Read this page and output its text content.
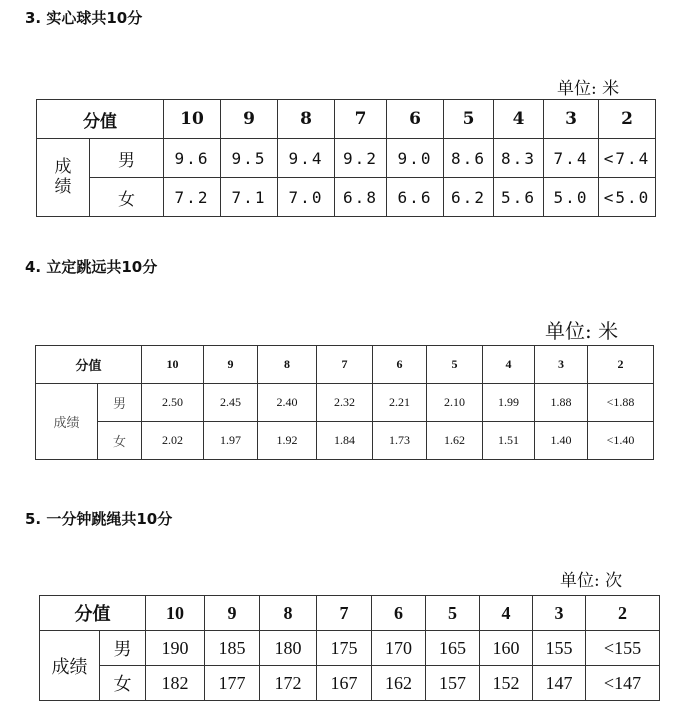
3. 实心球共10分
单位: 米
分值		10	9	8	7	6	5	4	3	2
成绩	男	9.6	9.5	9.4	9.2	9.0	8.6	8.3	7.4	<7.4
	女	7.2	7.1	7.0	6.8	6.6	6.2	5.6	5.0	<5.0
4. 立定跳远共10分
单位: 米
分值		10	9	8	7	6	5	4	3	2
成绩	男	2.50	2.45	2.40	2.32	2.21	2.10	1.99	1.88	<1.88
	女	2.02	1.97	1.92	1.84	1.73	1.62	1.51	1.40	<1.40
5. 一分钟跳绳共10分
单位: 次
分值		10	9	8	7	6	5	4	3	2
成绩	男	190	185	180	175	170	165	160	155	<155
	女	182	177	172	167	162	157	152	147	<147
